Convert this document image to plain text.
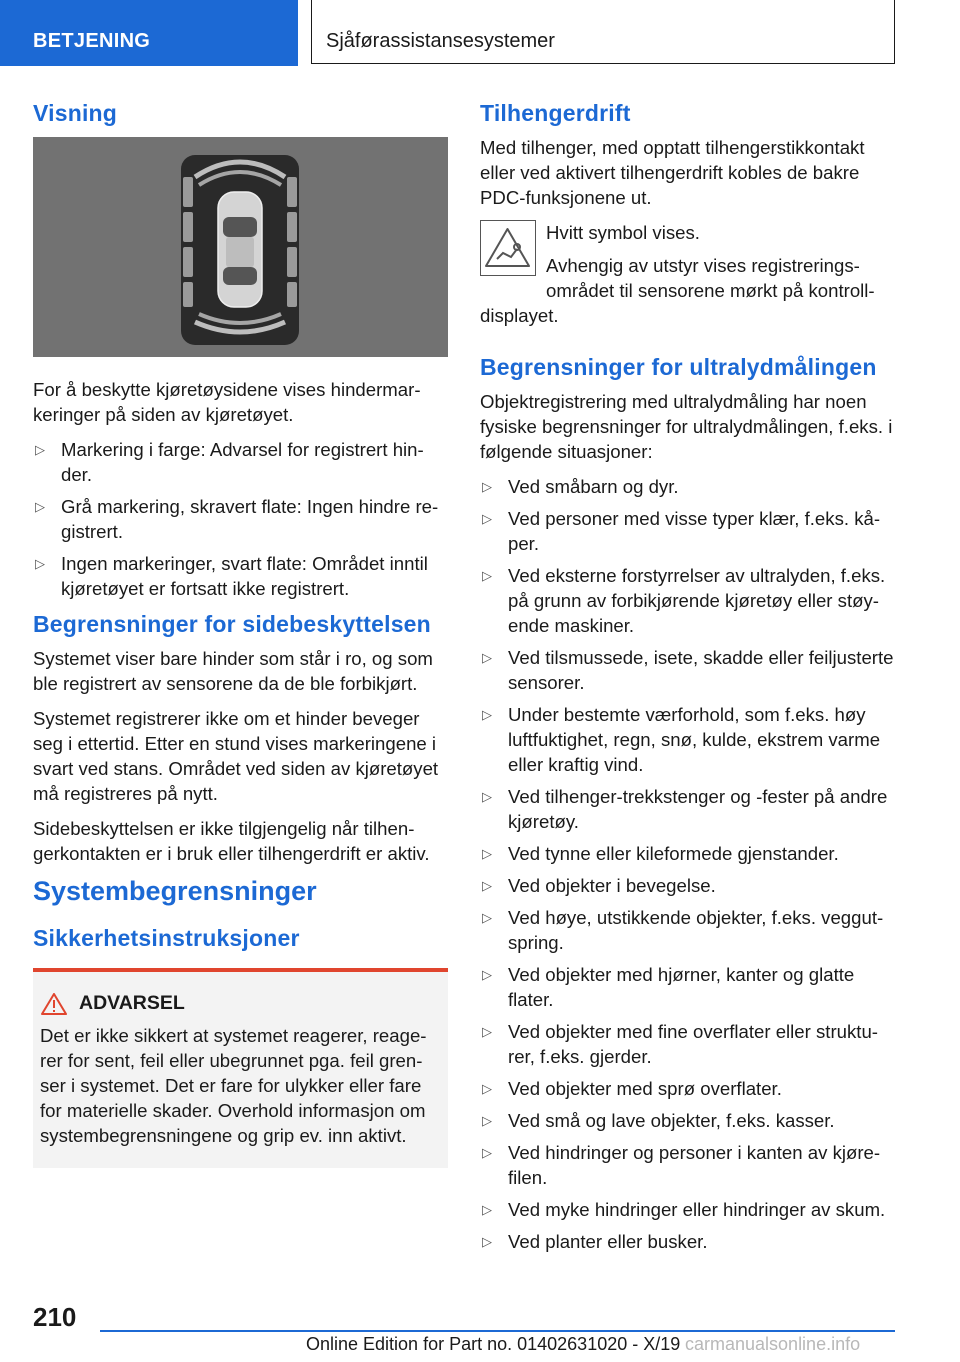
BETJENING	Sjåførassistansesystemer
Visning

For å beskytte kjøretøysidene vises hindermarkeringer på siden av kjøretøyet.

▷ Markering i farge: Advarsel for registrert hinder.
▷ Grå markering, skravert flate: Ingen hindre registrert.
▷ Ingen markeringer, svart flate: Området inntil kjøretøyet er fortsatt ikke registrert.
Begrensninger for sidebeskyttelsen

Systemet viser bare hinder som står i ro, og som ble registrert av sensorene da de ble forbikjørt.

Systemet registrerer ikke om et hinder beveger seg i ettertid. Etter en stund vises markeringene i svart ved stans. Området ved siden av kjøretøyet må registreres på nytt.

Sidebeskyttelsen er ikke tilgjengelig når tilhengerkontakten er i bruk eller tilhengerdrift er aktiv.

Systembegrensninger
Sikkerhetsinstruksjoner
ADVARSEL
Det er ikke sikkert at systemet reagerer, reagerer for sent, feil eller ubegrunnet pga. feil grenser i systemet. Det er fare for ulykker eller fare for materielle skader. Overhold informasjon om systembegrensningene og grip ev. inn aktivt.
Tilhengerdrift

Med tilhenger, med opptatt tilhengerstikkontakt eller ved aktivert tilhengerdrift kobles de bakre PDC-funksjonene ut.

Hvitt symbol vises.

Avhengig av utstyr vises registreringsområdet til sensorene mørkt på kontroll-

displayet.
Begrensninger for ultralydmålingen

Objektregistrering med ultralydmåling har noen fysiske begrensninger for ultralydmålingen, f.eks. i følgende situasjoner:

▷ Ved småbarn og dyr.
▷ Ved personer med visse typer klær, f.eks. kåper.
▷ Ved eksterne forstyrrelser av ultralyden, f.eks. på grunn av forbikjørende kjøretøy eller støyende maskiner.
▷ Ved tilsmussede, isete, skadde eller feiljusterte sensorer.
▷ Under bestemte værforhold, som f.eks. høy luftfuktighet, regn, snø, kulde, ekstrem varme eller kraftig vind.
▷ Ved tilhenger-trekkstenger og -fester på andre kjøretøy.
▷ Ved tynne eller kileformede gjenstander.
▷ Ved objekter i bevegelse.
▷ Ved høye, utstikkende objekter, f.eks. veggutspring.
▷ Ved objekter med hjørner, kanter og glatte flater.
▷ Ved objekter med fine overflater eller strukturer, f.eks. gjerder.
▷ Ved objekter med sprø overflater.
▷ Ved små og lave objekter, f.eks. kasser.
▷ Ved hindringer og personer i kanten av kjørefilen.
▷ Ved myke hindringer eller hindringer av skum.
▷ Ved planter eller busker.
210
Online Edition for Part no. 01402631020 - X/19 carmanualsonline.info
